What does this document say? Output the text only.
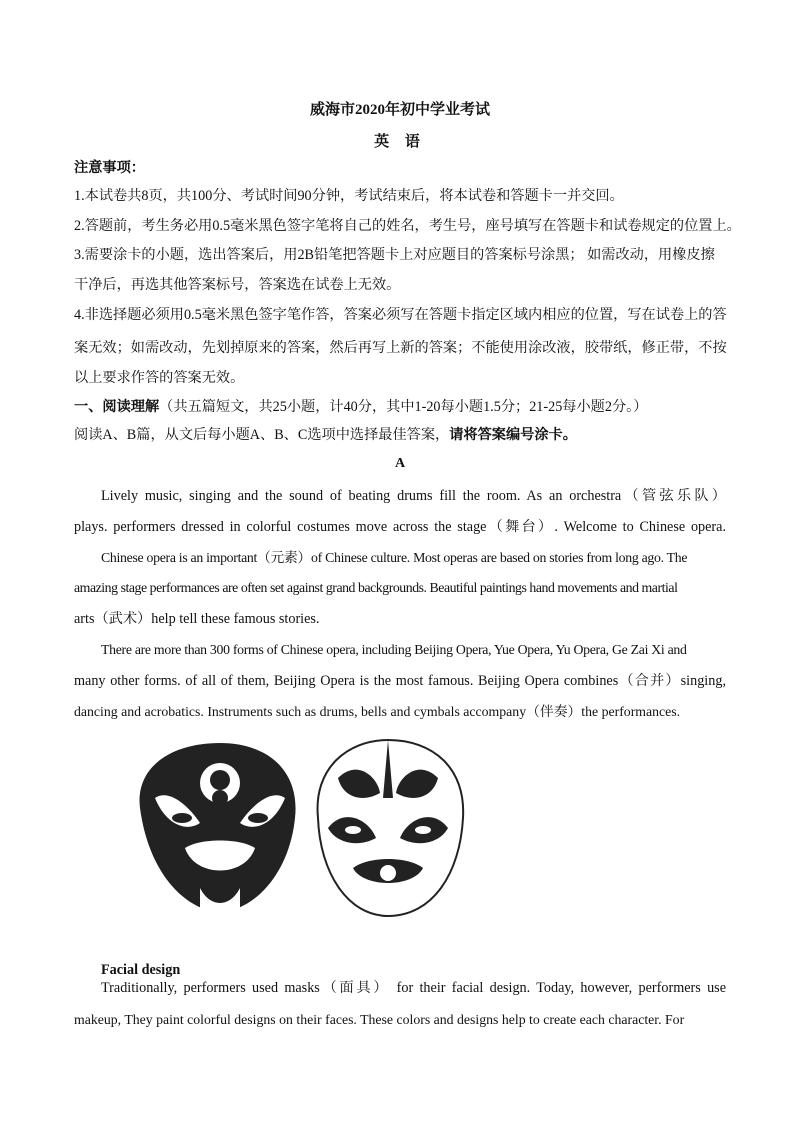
威海市2020年初中学业考试
英 语
注意事项：
1.本试卷共8页，共100分、考试时间90分钟，考试结束后，将本试卷和答题卡一并交回。
2.答题前，考生务必用0.5毫米黑色签字笔将自己的姓名，考生号，座号填写在答题卡和试卷规定的位置上。
3.需要涂卡的小题，选出答案后，用2B铅笔把答题卡上对应题目的答案标号涂黑； 如需改动，用橡皮擦
干净后，再选其他答案标号，答案选在试卷上无效。
4.非选择题必须用0.5毫米黑色签字笔作答，答案必须写在答题卡指定区域内相应的位置，写在试卷上的答
案无效；如需改动，先划掉原来的答案，然后再写上新的答案；不能使用涂改液，胶带纸，修正带，不按
以上要求作答的答案无效。
一、阅读理解（共五篇短文，共25小题，计40分，其中1-20每小题1.5分；21-25每小题2分。）
阅读A、B篇，从文后每小题A、B、C选项中选择最佳答案，请将答案编号涂卡。
A
Lively music, singing and the sound of beating drums fill the room. As an orchestra（管弦乐队）
plays. performers dressed in colorful costumes move across the stage（舞台）. Welcome to Chinese opera.
Chinese opera is an important（元素）of Chinese culture. Most operas are based on stories from long ago. The
amazing stage performances are often set against grand backgrounds. Beautiful paintings hand movements and martial
arts（武术）help tell these famous stories.
There are more than 300 forms of Chinese opera, including Beijing Opera, Yue Opera, Yu Opera, Ge Zai Xi and
many other forms. of all of them, Beijing Opera is the most famous. Beijing Opera combines（合并）singing,
dancing and acrobatics. Instruments such as drums, bells and cymbals accompany（伴奏）the performances.
Facial design
Traditionally, performers used masks（面具） for their facial design. Today, however, performers use
makeup, They paint colorful designs on their faces. These colors and designs help to create each character. For
